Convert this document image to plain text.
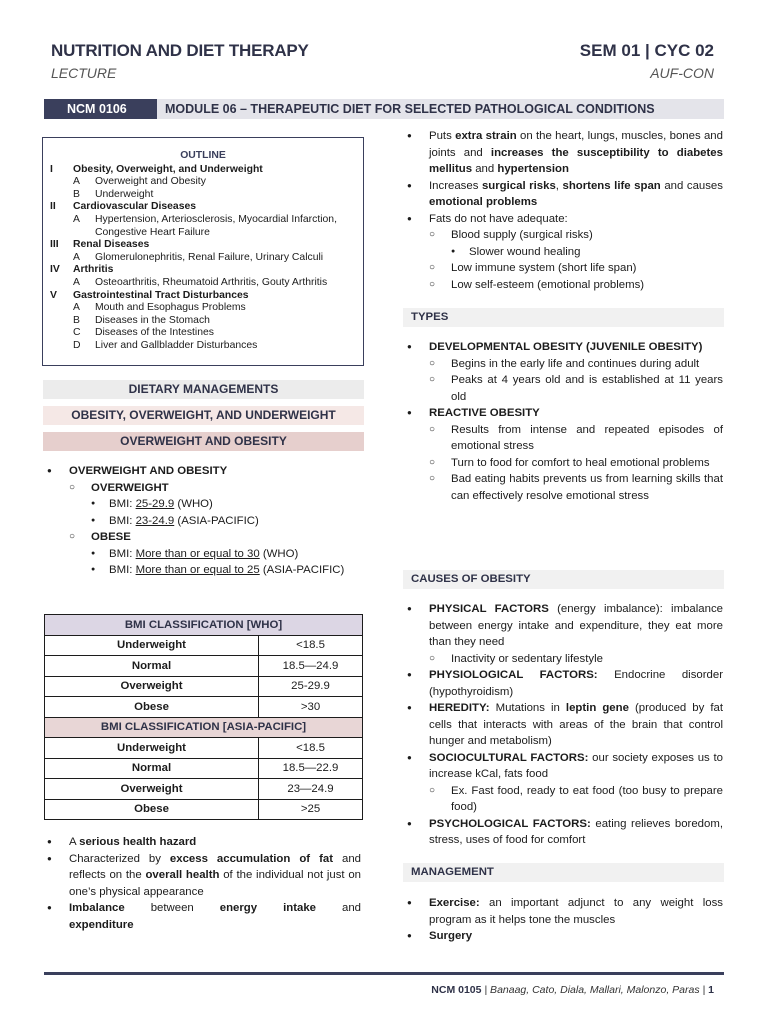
NUTRITION AND DIET THERAPY
LECTURE
SEM 01 | CYC 02
AUF-CON
NCM 0106	MODULE 06 – THERAPEUTIC DIET FOR SELECTED PATHOLOGICAL CONDITIONS
OUTLINE
I Obesity, Overweight, and Underweight
A Overweight and Obesity
B Underweight
II Cardiovascular Diseases
A Hypertension, Arteriosclerosis, Myocardial Infarction, Congestive Heart Failure
III Renal Diseases
A Glomerulonephritis, Renal Failure, Urinary Calculi
IV Arthritis
A Osteoarthritis, Rheumatoid Arthritis, Gouty Arthritis
V Gastrointestinal Tract Disturbances
A Mouth and Esophagus Problems
B Diseases in the Stomach
C Diseases of the Intestines
D Liver and Gallbladder Disturbances
DIETARY MANAGEMENTS
OBESITY, OVERWEIGHT, AND UNDERWEIGHT
OVERWEIGHT AND OBESITY
● OVERWEIGHT AND OBESITY
○ OVERWEIGHT
● BMI: 25-29.9 (WHO)
● BMI: 23-24.9 (ASIA-PACIFIC)
○ OBESE
● BMI: More than or equal to 30 (WHO)
● BMI: More than or equal to 25 (ASIA-PACIFIC)
BMI CLASSIFICATION [WHO]	
Underweight	<18.5
Normal	18.5—24.9
Overweight	25-29.9
Obese	>30
BMI CLASSIFICATION [ASIA-PACIFIC]	
Underweight	<18.5
Normal	18.5—22.9
Overweight	23—24.9
Obese	>25
● A serious health hazard
● Characterized by excess accumulation of fat and reflects on the overall health of the individual not just on one’s physical appearance
● Imbalance between energy intake and expenditure
● Puts extra strain on the heart, lungs, muscles, bones and joints and increases the susceptibility to diabetes mellitus and hypertension
● Increases surgical risks, shortens life span and causes emotional problems
● Fats do not have adequate:
○ Blood supply (surgical risks)
● Slower wound healing
○ Low immune system (short life span)
○ Low self-esteem (emotional problems)
TYPES
● DEVELOPMENTAL OBESITY (JUVENILE OBESITY)
○ Begins in the early life and continues during adult
○ Peaks at 4 years old and is established at 11 years old
● REACTIVE OBESITY
○ Results from intense and repeated episodes of emotional stress
○ Turn to food for comfort to heal emotional problems
○ Bad eating habits prevents us from learning skills that can effectively resolve emotional stress
CAUSES OF OBESITY
● PHYSICAL FACTORS (energy imbalance): imbalance between energy intake and expenditure, they eat more than they need
○ Inactivity or sedentary lifestyle
● PHYSIOLOGICAL FACTORS: Endocrine disorder (hypothyroidism)
● HEREDITY: Mutations in leptin gene (produced by fat cells that interacts with areas of the brain that control hunger and metabolism)
● SOCIOCULTURAL FACTORS: our society exposes us to increase kCal, fats food
○ Ex. Fast food, ready to eat food (too busy to prepare food)
● PSYCHOLOGICAL FACTORS: eating relieves boredom, stress, uses of food for comfort
MANAGEMENT
● Exercise: an important adjunct to any weight loss program as it helps tone the muscles
● Surgery
NCM 0105 | Banaag, Cato, Diala, Mallari, Malonzo, Paras | 1
